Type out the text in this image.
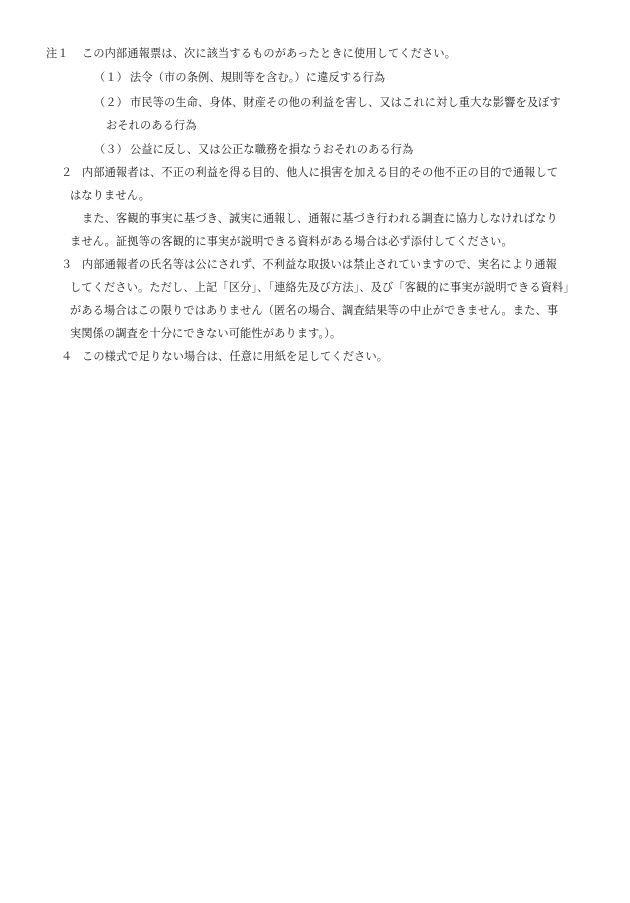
注１ この内部通報票は、次に該当するものがあったときに使用してください。
（１） 法令（市の条例、規則等を含む。）に違反する行為
（２） 市民等の生命、身体、財産その他の利益を害し、又はこれに対し重大な影響を及ぼす
おそれのある行為
（３） 公益に反し、又は公正な職務を損なうおそれのある行為
２ 内部通報者は、不正の利益を得る目的、他人に損害を加える目的その他不正の目的で通報して
はなりません。
また、客観的事実に基づき、誠実に通報し、通報に基づき行われる調査に協力しなければなり
ません。証拠等の客観的に事実が説明できる資料がある場合は必ず添付してください。
３ 内部通報者の氏名等は公にされず、不利益な取扱いは禁止されていますので、実名により通報
してください。ただし、上記「区分」、「連絡先及び方法」、及び「客観的に事実が説明できる資料」
がある場合はこの限りではありません（匿名の場合、調査結果等の中止ができません。また、事
実関係の調査を十分にできない可能性があります。）。
４ この様式で足りない場合は、任意に用紙を足してください。
